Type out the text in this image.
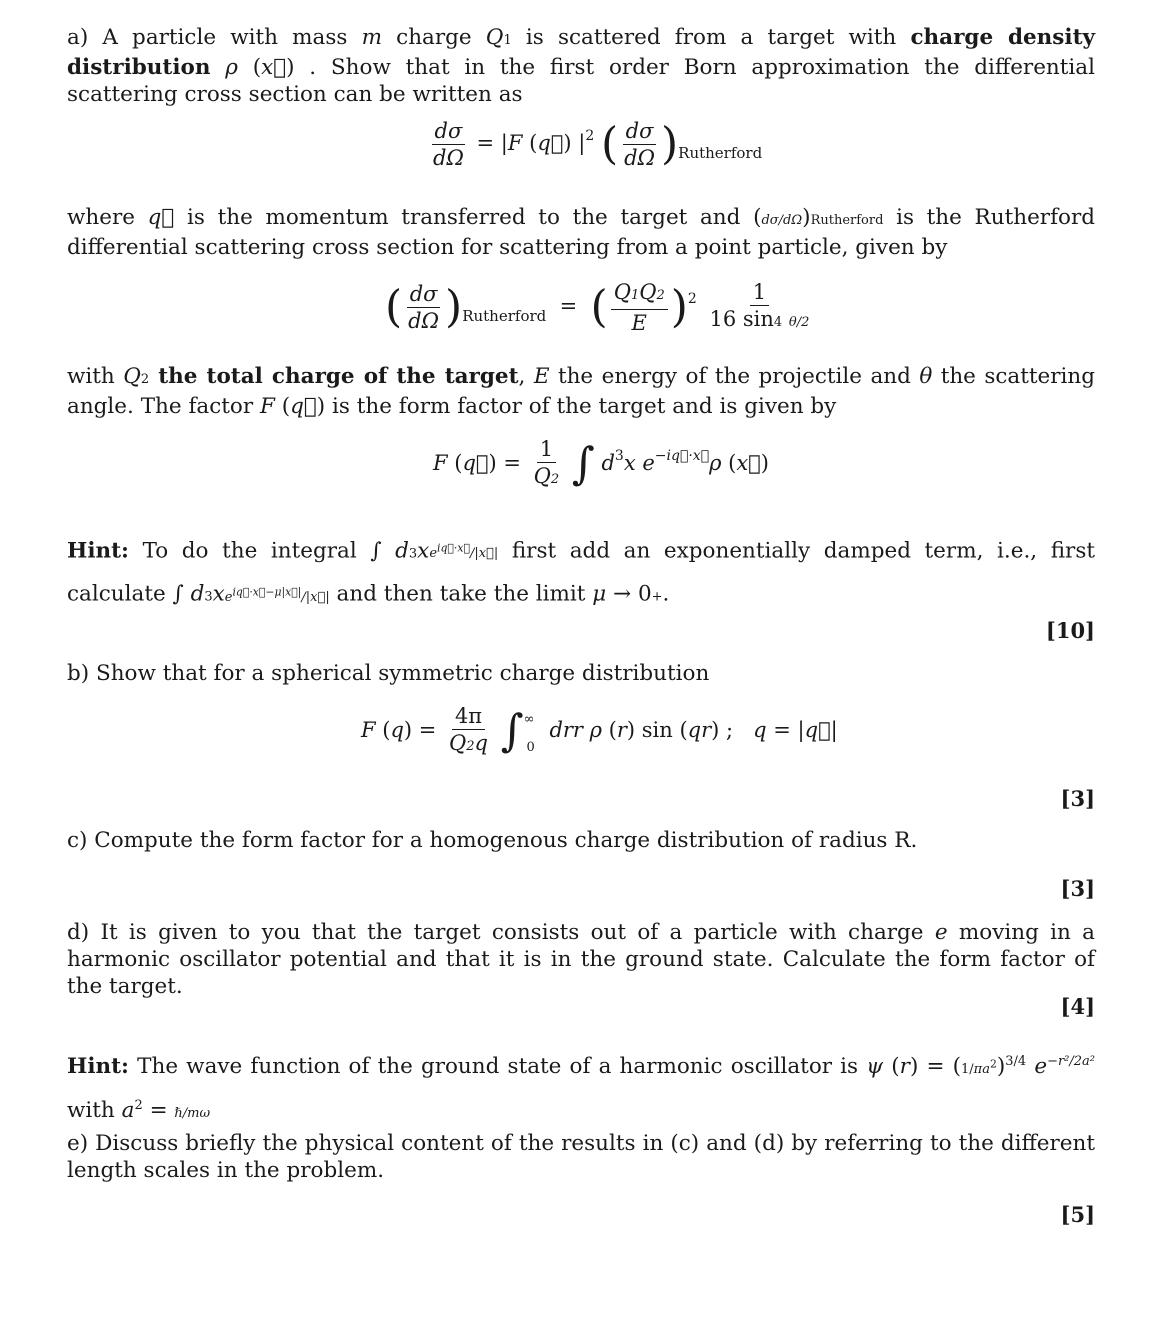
a) A particle with mass m charge Q1 is scattered from a target with charge density distribution ρ (x⃗) . Show that in the first order Born approximation the differential scattering cross section can be written as

$\frac{d\sigma}{d\Omega} = |F$ (q⃗) $|^2$ ( $\frac{d\sigma}{d\Omega} )_{Rutherford}$

where q⃗ is the momentum transferred to the target and (dσ/dΩ)Rutherford is the Rutherford differential scattering cross section for scattering from a point particle, given by

( $\frac{d\sigma}{d\Omega} )_{Rutherford}$  =  ( $\frac{Q1Q2}{E} )^2 \frac{1}{16 \sin 4 \theta/2}$

with Q2 the total charge of the target, E the energy of the projectile and θ the scattering angle. The factor F (q⃗) is the form factor of the target and is given by

F (q⃗) = $\frac{1}{Q2}$ ∫ $d^3x$ $e^{-iq⃗\cdot x⃗}\rho$ (x⃗)

Hint: To do the integral ∫ $d3xe^{iq⃗\cdot x⃗}/|x⃗|$ first add an exponentially damped term, i.e., first calculate ∫ $d3xe^{iq⃗\cdot x⃗-\mu|x⃗|}/|x⃗|$ and then take the limit μ → 0+.

[10]

b) Show that for a spherical symmetric charge distribution

F $(q) = \frac{4\pi}{Q2q} \int^\infty_0$ drr ρ (r) sin (qr) ;   q = |q⃗|
[3]

c) Compute the form factor for a homogenous charge distribution of radius R.

[3]

d) It is given to you that the target consists out of a particle with charge e moving in a harmonic oscillator potential and that it is in the ground state. Calculate the form factor of the target.

[4]

Hint: The wave function of the ground state of a harmonic oscillator is ψ $(r) = (1/\pi a^2)^{3/4}$ $e^{-r^2/2a^2}$ with $a^2$ = ℏ/mω

e) Discuss briefly the physical content of the results in (c) and (d) by referring to the different length scales in the problem.

[5]
